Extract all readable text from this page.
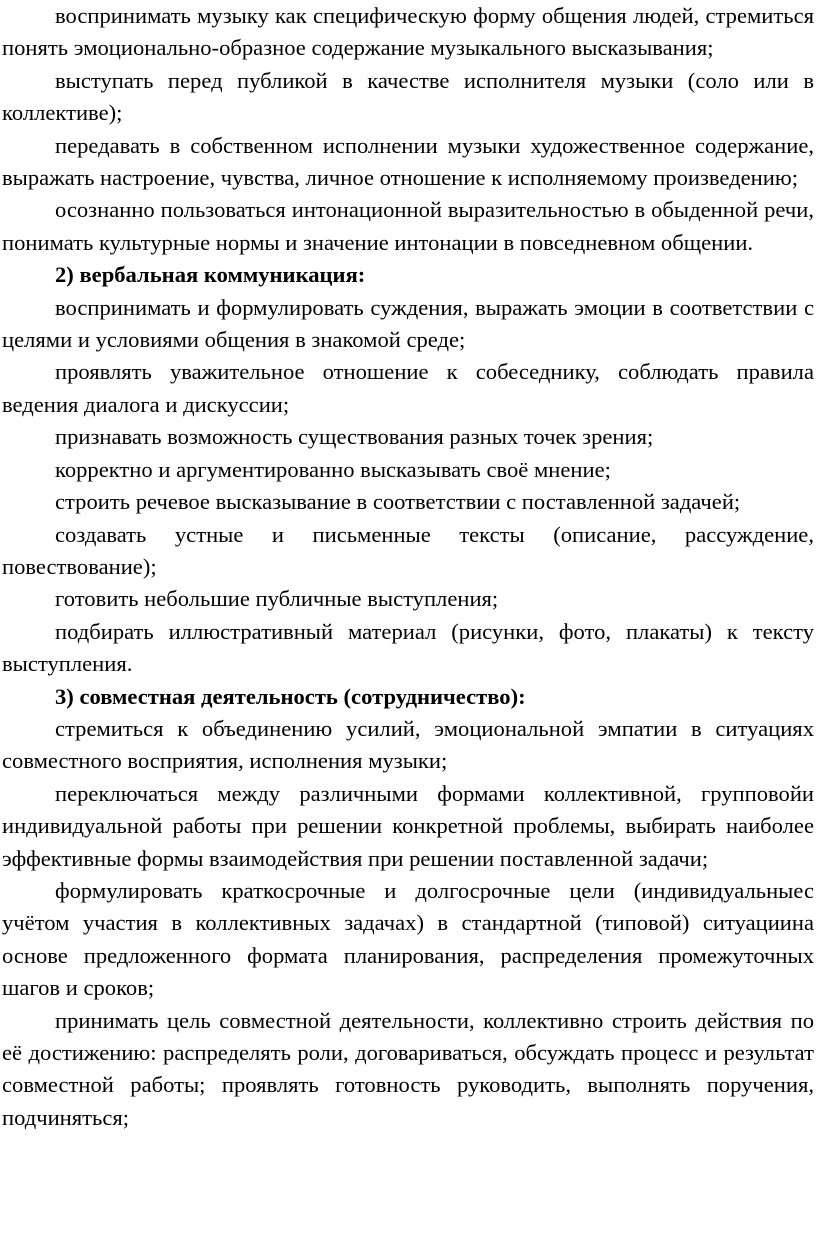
воспринимать музыку как специфическую форму общения людей, стремиться понять эмоционально-образное содержание музыкального высказывания;

выступать перед публикой в качестве исполнителя музыки (соло или в коллективе);

передавать в собственном исполнении музыки художественное содержание, выражать настроение, чувства, личное отношение к исполняемому произведению;

осознанно пользоваться интонационной выразительностью в обыденной речи, понимать культурные нормы и значение интонации в повседневном общении.

2) вербальная коммуникация:

воспринимать и формулировать суждения, выражать эмоции в соответствии с целями и условиями общения в знакомой среде;

проявлять уважительное отношение к собеседнику, соблюдать правила ведения диалога и дискуссии;

признавать возможность существования разных точек зрения;

корректно и аргументированно высказывать своё мнение;

строить речевое высказывание в соответствии с поставленной задачей;

создавать устные и письменные тексты (описание, рассуждение, повествование);

готовить небольшие публичные выступления;

подбирать иллюстративный материал (рисунки, фото, плакаты) к тексту выступления.

3) совместная деятельность (сотрудничество):

стремиться к объединению усилий, эмоциональной эмпатии в ситуациях совместного восприятия, исполнения музыки;

переключаться между различными формами коллективной, групповойи индивидуальной работы при решении конкретной проблемы, выбирать наиболее эффективные формы взаимодействия при решении поставленной задачи;

формулировать краткосрочные и долгосрочные цели (индивидуальныес учётом участия в коллективных задачах) в стандартной (типовой) ситуациина основе предложенного формата планирования, распределения промежуточных шагов и сроков;

принимать цель совместной деятельности, коллективно строить действия по её достижению: распределять роли, договариваться, обсуждать процесс и результат совместной работы; проявлять готовность руководить, выполнять поручения, подчиняться;
